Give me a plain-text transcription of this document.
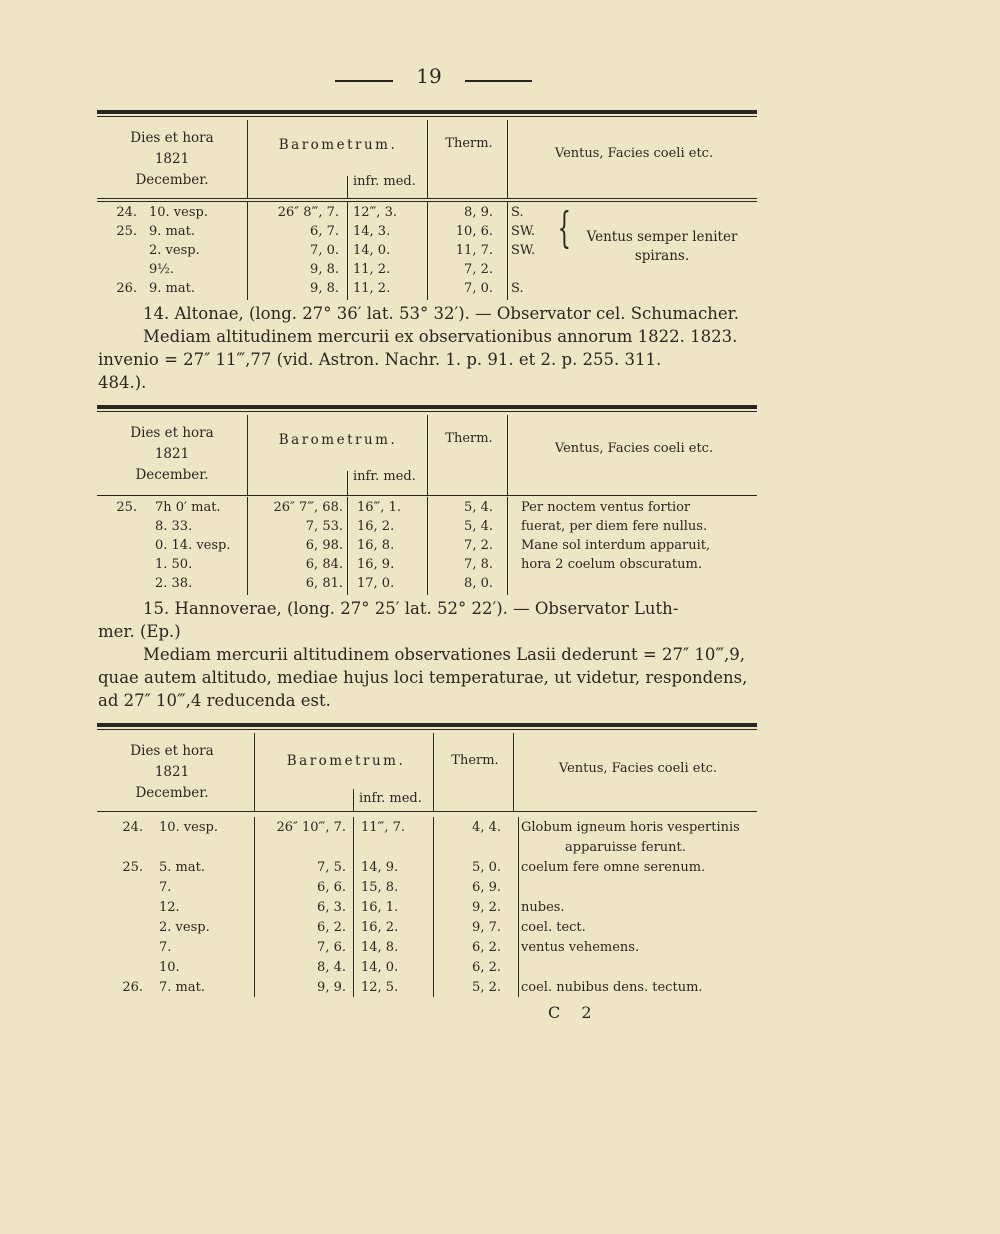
19
Dies et hora
1821
December.
Barometrum.
infr. med.
Therm.
Ventus, Facies coeli etc.
24. 10. vesp.	26″ 8‴, 7. 12‴, 3.	8, 9. S.
25. 9. mat.	6, 7. 14, 3.	10, 6. SW.
2. vesp.	7, 0. 14, 0.	11, 7. SW.
9½.	9, 8. 11, 2.	7, 2.
26. 9. mat.	9, 8. 11, 2.	7, 0. S.
{	Ventus semper leniter
spirans.
14. Altonae, (long. 27° 36′ lat. 53° 32′). — Observator cel. Schumacher.
Mediam altitudinem mercurii ex observationibus annorum 1822. 1823.
invenio = 27″ 11‴,77 (vid. Astron. Nachr. 1. p. 91. et 2. p. 255. 311.
484.).
Dies et hora
1821
December.
Barometrum.
infr. med.
Therm.
Ventus, Facies coeli etc.
25. 7h 0′ mat.	26″ 7‴, 68. 16‴, 1.	5, 4. Per noctem ventus fortior
8. 33.	7, 53. 16, 2.	5, 4. fuerat, per diem fere nullus.
0. 14. vesp.	6, 98. 16, 8.	7, 2. Mane sol interdum apparuit,
1. 50.	6, 84. 16, 9.	7, 8. hora 2 coelum obscuratum.
2. 38.	6, 81. 17, 0.	8, 0.
15. Hannoverae, (long. 27° 25′ lat. 52° 22′). — Observator Luth-
mer. (Ep.)
Mediam mercurii altitudinem observationes Lasii dederunt = 27″ 10‴,9,
quae autem altitudo, mediae hujus loci temperaturae, ut videtur, respondens,
ad 27″ 10‴,4 reducenda est.
Dies et hora
1821
December.
Barometrum.
infr. med.
Therm.
Ventus, Facies coeli etc.
24. 10. vesp.	26″ 10‴, 7. 11‴, 7.	4, 4. Globum igneum horis vespertinis
apparuisse ferunt.
25. 5. mat.	7, 5. 14, 9.	5, 0. coelum fere omne serenum.
7.	6, 6. 15, 8.	6, 9.
12.	6, 3. 16, 1.	9, 2. nubes.
2. vesp.	6, 2. 16, 2.	9, 7. coel. tect.
7.	7, 6. 14, 8.	6, 2. ventus vehemens.
10.	8, 4. 14, 0.	6, 2.
26. 7. mat.	9, 9. 12, 5.	5, 2. coel. nubibus dens. tectum.
C 2
